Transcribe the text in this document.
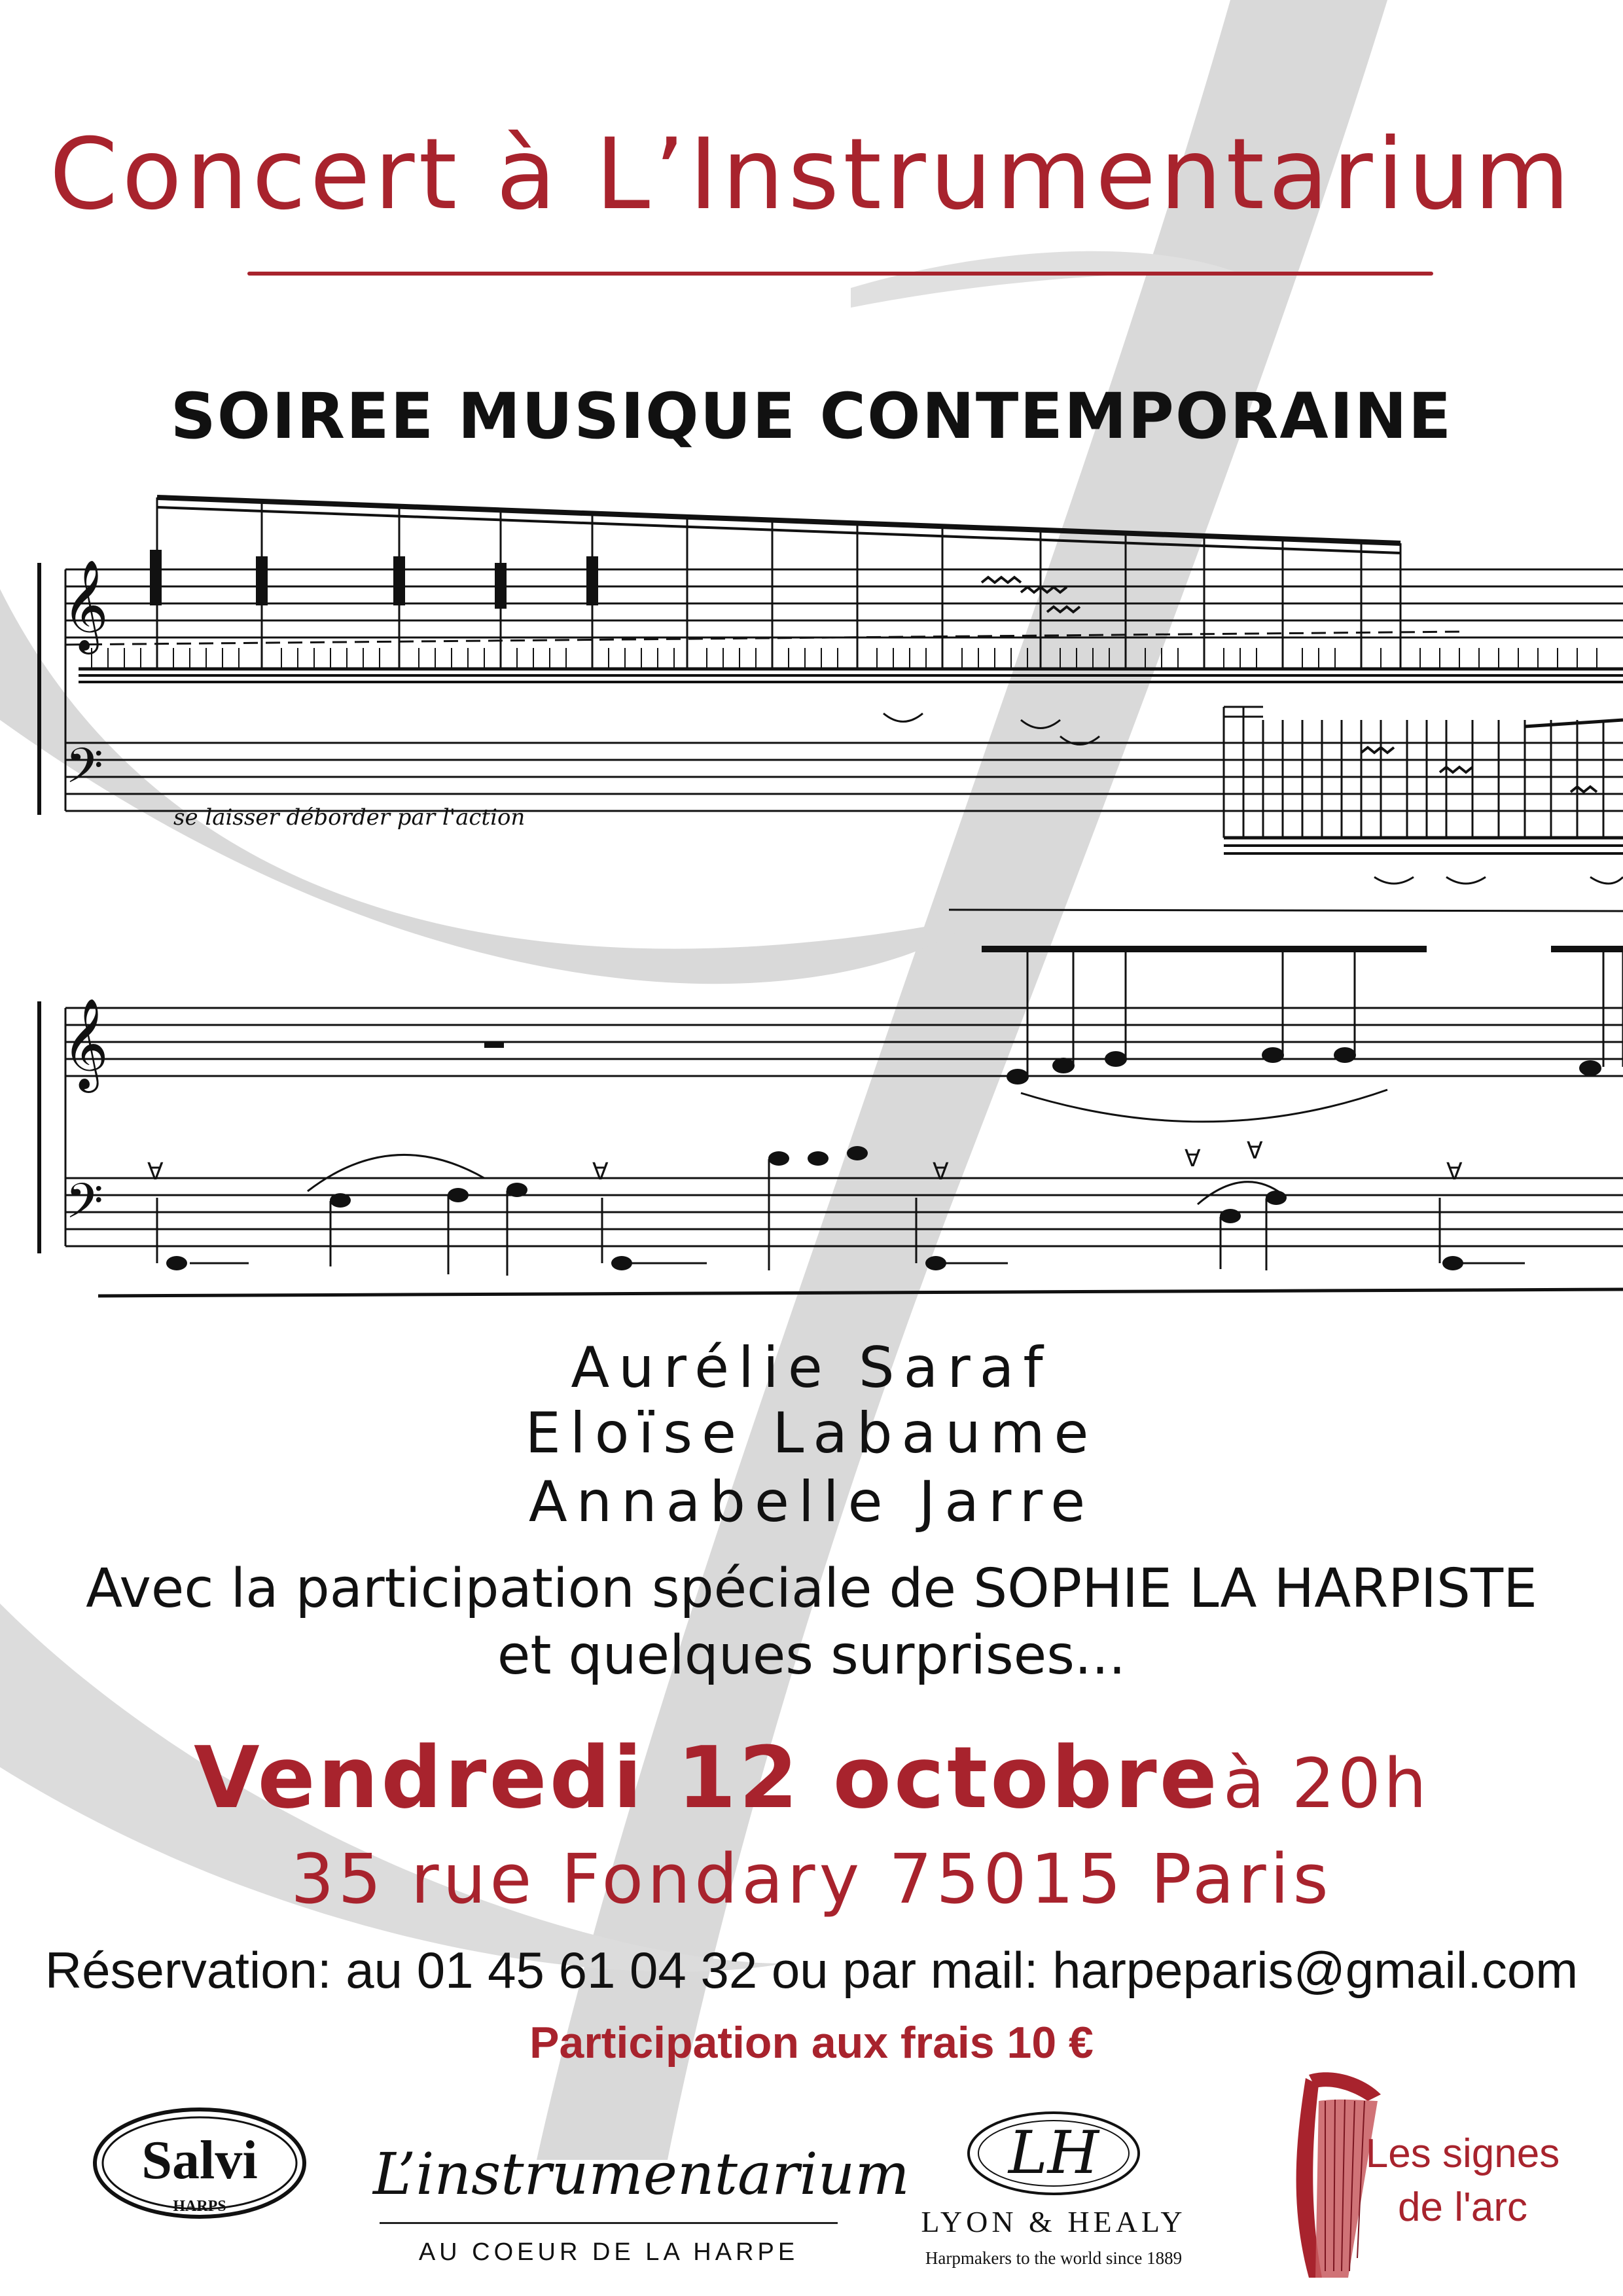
Concert à L’Instrumentarium
SOIREE MUSIQUE CONTEMPORAINE
𝄞
𝄢
𝄞
𝄢
∀	∀	∀	∀
∀ ∀
se laisser déborder par l'action
Aurélie Saraf
Eloïse Labaume
Annabelle Jarre
Avec la participation spéciale de SOPHIE LA HARPISTE
et quelques surprises...
Vendredi 12 octobre à 20h
35 rue Fondary 75015 Paris
Réservation: au 01 45 61 04 32 ou par mail: harpeparis@gmail.com
Participation aux frais 10 €
Salvi
HARPS	L’instrumentarium
AU COEUR DE LA HARPE
LH
LYON & HEALY
Harpmakers to the world since 1889
Les signes
de l'arc
